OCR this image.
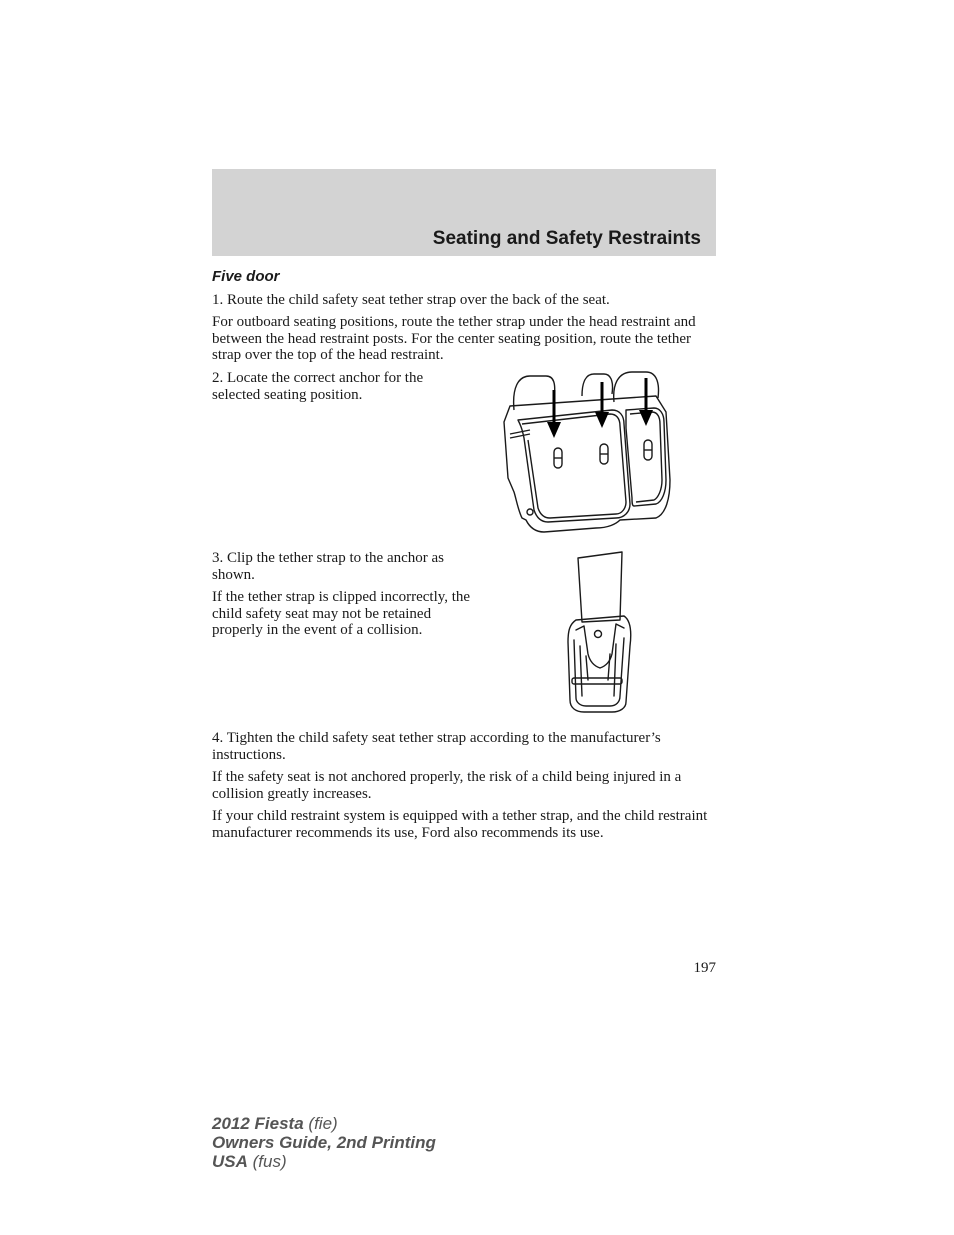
Seating and Safety Restraints
Five door

1. Route the child safety seat tether strap over the back of the seat.

For outboard seating positions, route the tether strap under the head restraint and between the head restraint posts. For the center seating position, route the tether strap over the top of the head restraint.

2. Locate the correct anchor for the selected seating position.

3. Clip the tether strap to the anchor as shown.

If the tether strap is clipped incorrectly, the child safety seat may not be retained properly in the event of a collision.

4. Tighten the child safety seat tether strap according to the manufacturer’s instructions.

If the safety seat is not anchored properly, the risk of a child being injured in a collision greatly increases.

If your child restraint system is equipped with a tether strap, and the child restraint manufacturer recommends its use, Ford also recommends its use.

197

2012 Fiesta (fie)
Owners Guide, 2nd Printing
USA (fus)
